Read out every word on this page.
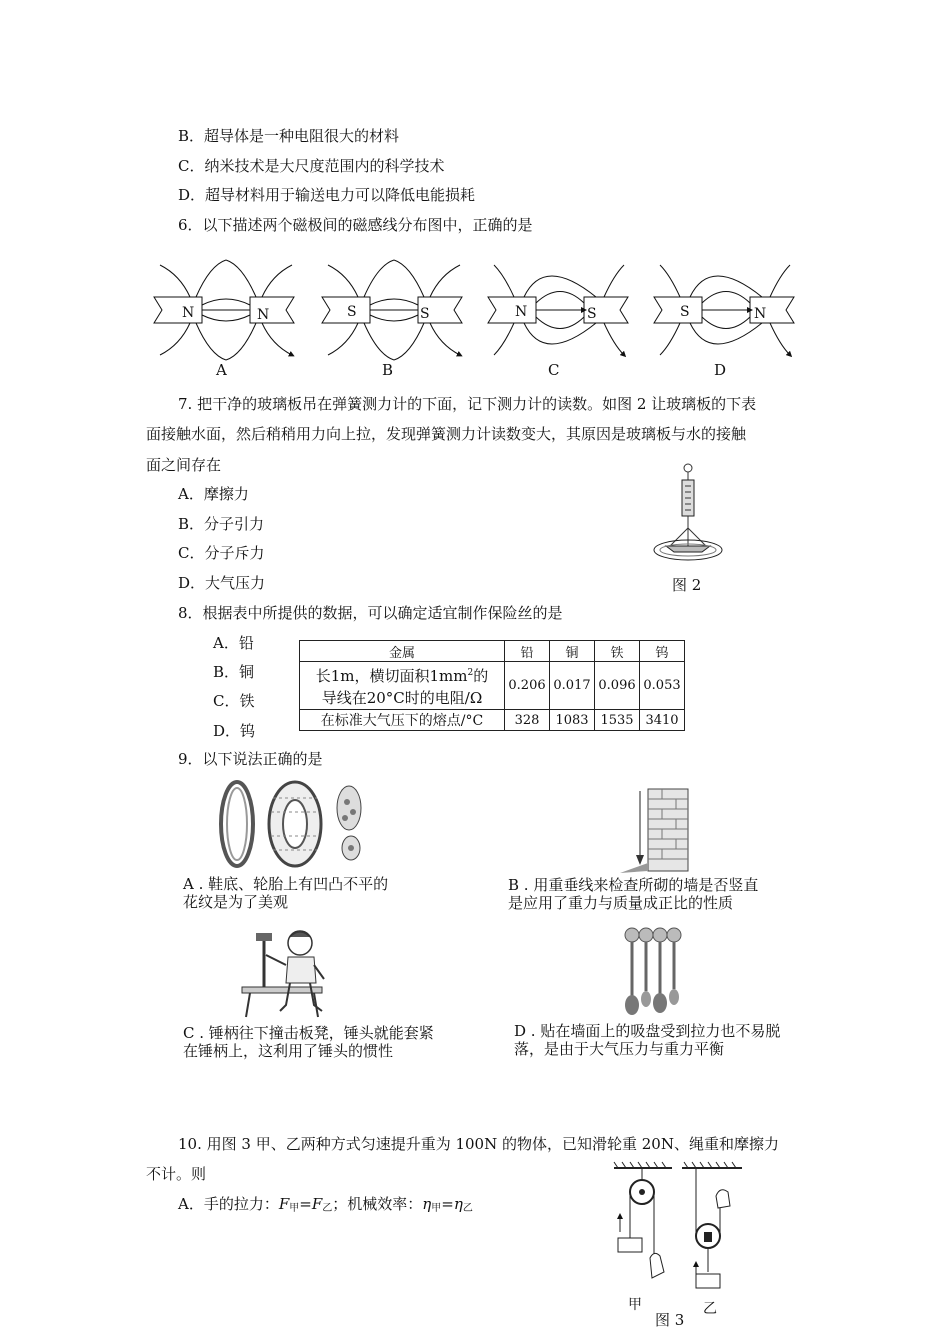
B．超导体是一种电阻很大的材料
C．纳米技术是大尺度范围内的科学技术
D．超导材料用于输送电力可以降低电能损耗
6．以下描述两个磁极间的磁感线分布图中，正确的是
N	N
A
S	S
B
N	S
C
S	N
D
7. 把干净的玻璃板吊在弹簧测力计的下面，记下测力计的读数。如图 2 让玻璃板的下表
面接触水面，然后稍稍用力向上拉，发现弹簧测力计读数变大，其原因是玻璃板与水的接触
面之间存在
A．摩擦力
B．分子引力
C．分子斥力
D．大气压力	图 2
8．根据表中所提供的数据，可以确定适宜制作保险丝的是
A．铅
B．铜
C．铁
D．钨
金属	铅	铜	铁	钨
长1m，横切面积$1mm^2$的
导线在20°C时的电阻/Ω	0.206	0.017	0.096	0.053
在标准大气压下的熔点/°C	328	1083	1535	3410
9．以下说法正确的是
A . 鞋底、轮胎上有凹凸不平的
花纹是为了美观
B . 用重垂线来检查所砌的墙是否竖直
是应用了重力与质量成正比的性质
C . 锤柄往下撞击板凳，锤头就能套紧
在锤柄上，这利用了锤头的惯性
D . 贴在墙面上的吸盘受到拉力也不易脱
落，是由于大气压力与重力平衡
10. 用图 3 甲、乙两种方式匀速提升重为 100N 的物体，已知滑轮重 20N、绳重和摩擦力
不计。则
A．手的拉力：$F_甲=F_乙$；机械效率：$\eta_甲=\eta_乙$
甲	乙
图 3
